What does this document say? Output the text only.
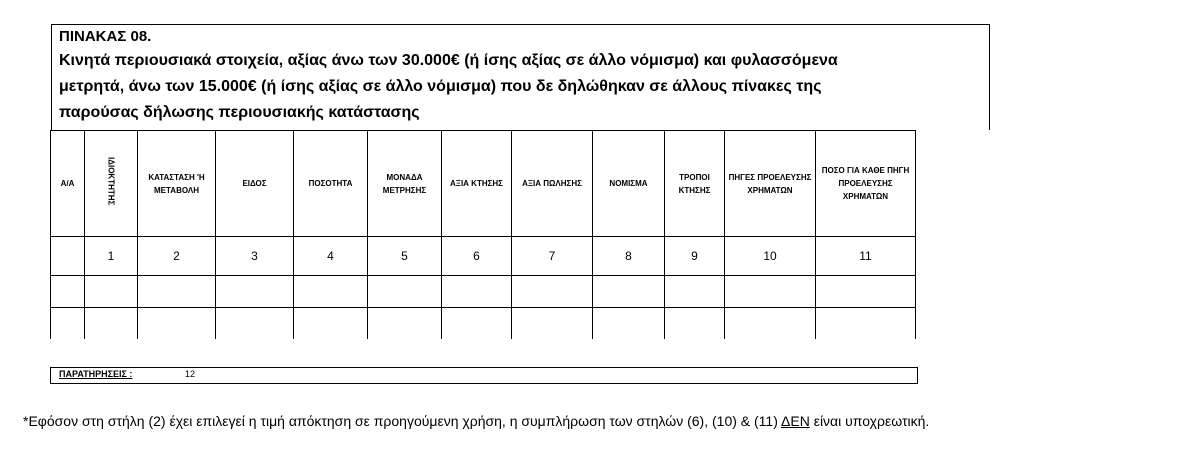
ΠΙΝΑΚΑΣ 08.
Κινητά περιουσιακά στοιχεία, αξίας άνω των 30.000€ (ή ίσης αξίας σε άλλο νόμισμα) και φυλασσόμενα
μετρητά, άνω των 15.000€ (ή ίσης αξίας σε άλλο νόμισμα) που δε δηλώθηκαν σε άλλους πίνακες της
παρούσας δήλωσης περιουσιακής κατάστασης
Α/Α	ΙΔΙΟΚΤΗΤΗΣ	ΚΑΤΑΣΤΑΣΗ 'Η ΜΕΤΑΒΟΛΗ	ΕΙΔΟΣ	ΠΟΣΟΤΗΤΑ	ΜΟΝΑΔΑ ΜΕΤΡΗΣΗΣ	ΑΞΙΑ ΚΤΗΣΗΣ	ΑΞΙΑ ΠΩΛΗΣΗΣ	ΝΟΜΙΣΜΑ	ΤΡΟΠΟΙ ΚΤΗΣΗΣ	ΠΗΓΕΣ ΠΡΟΕΛΕΥΣΗΣ ΧΡΗΜΑΤΩΝ	ΠΟΣΟ ΓΙΑ ΚΑΘΕ ΠΗΓΗ ΠΡΟΕΛΕΥΣΗΣ ΧΡΗΜΑΤΩΝ
	1	2	3	4	5	6	7	8	9	10	11

ΠΑΡΑΤΗΡΗΣΕΙΣ :	12
*Εφόσον στη στήλη (2) έχει επιλεγεί η τιμή απόκτηση σε προηγούμενη χρήση, η συμπλήρωση των στηλών (6), (10) & (11) ΔΕΝ είναι υποχρεωτική.
